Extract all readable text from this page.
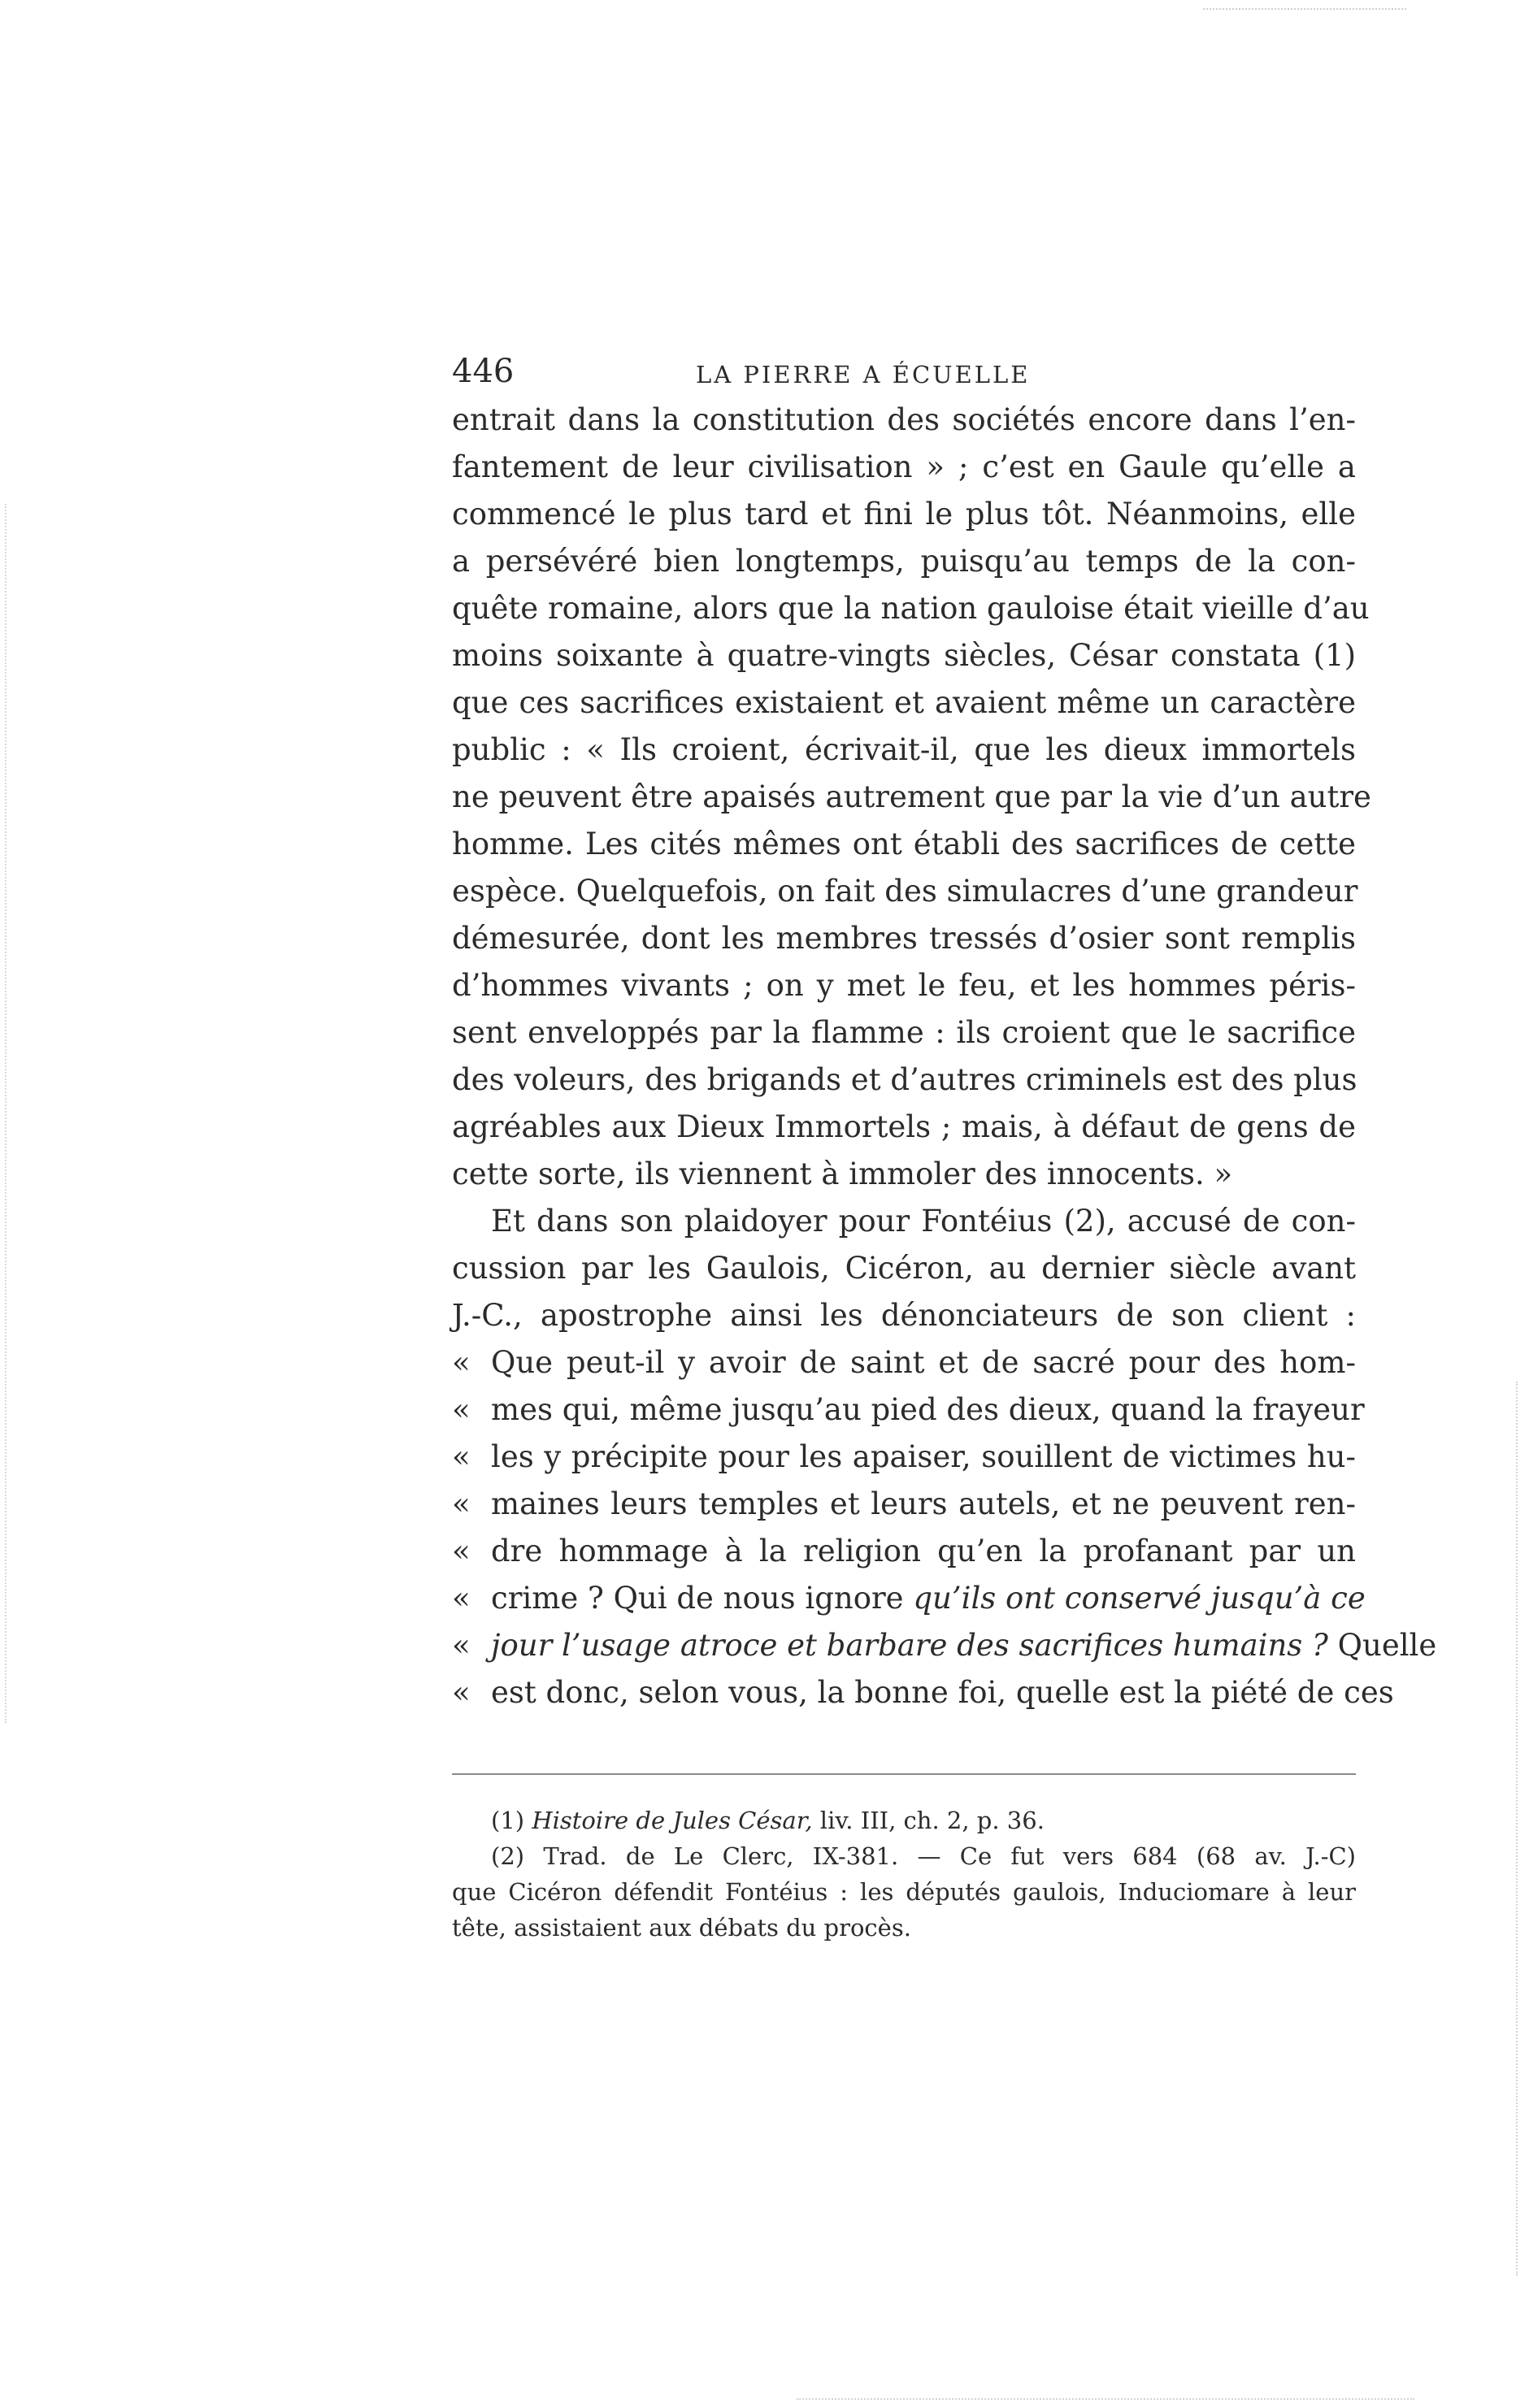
446	LA PIERRE A ÉCUELLE
entrait dans la constitution des sociétés encore dans l’en-
fantement de leur civilisation » ; c’est en Gaule qu’elle a
commencé le plus tard et fini le plus tôt. Néanmoins, elle
a persévéré bien longtemps, puisqu’au temps de la con-
quête romaine, alors que la nation gauloise était vieille d’au
moins soixante à quatre-vingts siècles, César constata (1)
que ces sacrifices existaient et avaient même un caractère
public : « Ils croient, écrivait-il, que les dieux immortels
ne peuvent être apaisés autrement que par la vie d’un autre
homme. Les cités mêmes ont établi des sacrifices de cette
espèce. Quelquefois, on fait des simulacres d’une grandeur
démesurée, dont les membres tressés d’osier sont remplis
d’hommes vivants ; on y met le feu, et les hommes péris-
sent enveloppés par la flamme : ils croient que le sacrifice
des voleurs, des brigands et d’autres criminels est des plus
agréables aux Dieux Immortels ; mais, à défaut de gens de
cette sorte, ils viennent à immoler des innocents. »
Et dans son plaidoyer pour Fontéius (2), accusé de con-
cussion par les Gaulois, Cicéron, au dernier siècle avant
J.-C., apostrophe ainsi les dénonciateurs de son client :
« Que peut-il y avoir de saint et de sacré pour des hom-
« mes qui, même jusqu’au pied des dieux, quand la frayeur
« les y précipite pour les apaiser, souillent de victimes hu-
« maines leurs temples et leurs autels, et ne peuvent ren-
« dre hommage à la religion qu’en la profanant par un
« crime ? Qui de nous ignore qu’ils ont conservé jusqu’à ce
« jour l’usage atroce et barbare des sacrifices humains ? Quelle
« est donc, selon vous, la bonne foi, quelle est la piété de ces
(1) Histoire de Jules César, liv. III, ch. 2, p. 36.
(2) Trad. de Le Clerc, IX-381. — Ce fut vers 684 (68 av. J.-C)
que Cicéron défendit Fontéius : les députés gaulois, Induciomare à leur
tête, assistaient aux débats du procès.
